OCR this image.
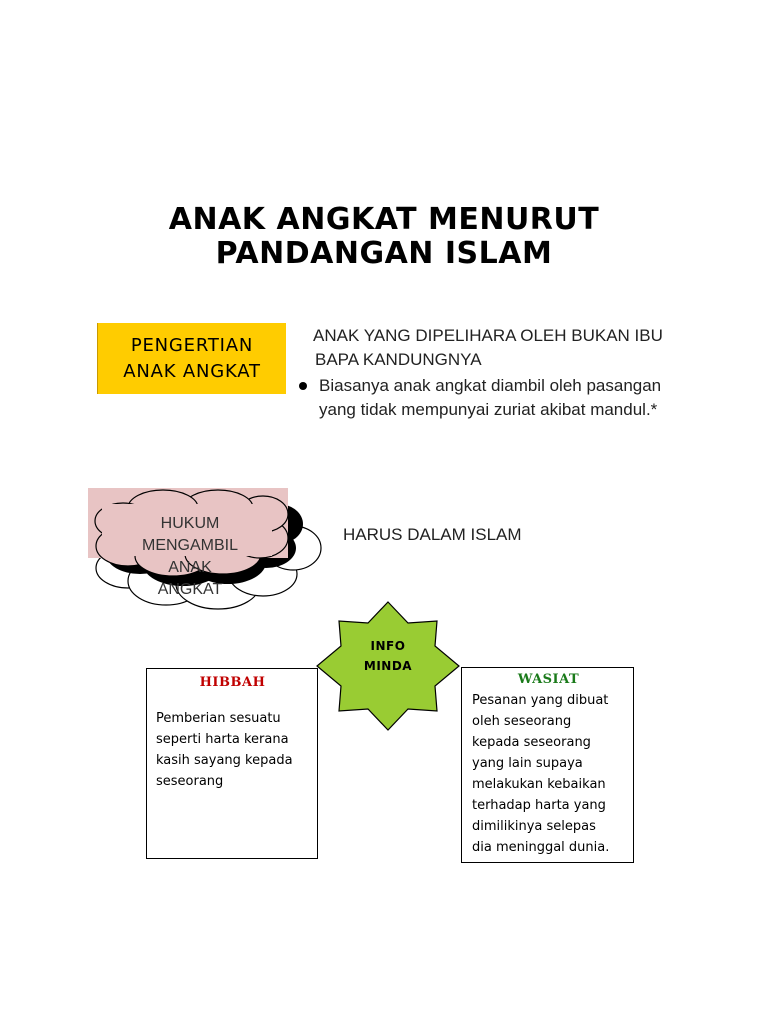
ANAK ANGKAT MENURUT
PANDANGAN ISLAM
PENGERTIAN
ANAK ANGKAT
ANAK YANG DIPELIHARA OLEH BUKAN IBU
BAPA KANDUNGNYA
Biasanya anak angkat diambil oleh pasangan
yang tidak mempunyai zuriat akibat mandul.*
HUKUM
MENGAMBIL
ANAK ANGKAT
HARUS DALAM ISLAM
INFO
MINDA
HIBBAH
Pemberian sesuatu
seperti harta kerana
kasih sayang kepada
seseorang
WASIAT
Pesanan yang dibuat
oleh seseorang
kepada seseorang
yang lain supaya
melakukan kebaikan
terhadap harta yang
dimilikinya selepas
dia meninggal dunia.
